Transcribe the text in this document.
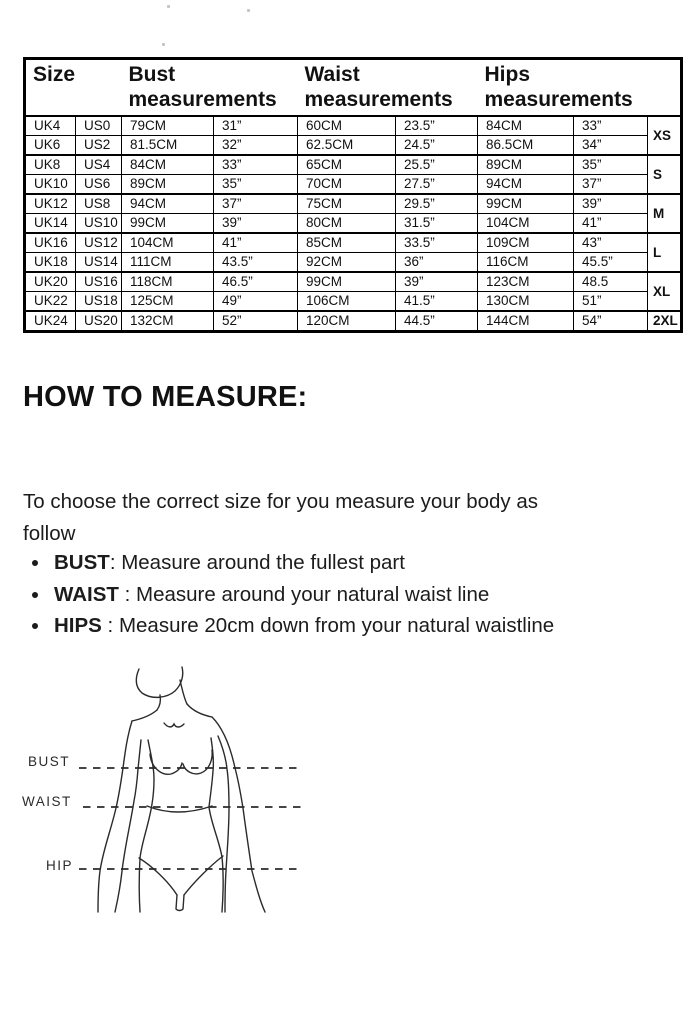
Size		Bust measurements		Waist measurements		Hips measurements		
UK4	US0	79CM	31”	60CM	23.5”	84CM	33”	XS
UK6	US2	81.5CM	32”	62.5CM	24.5”	86.5CM	34”	
UK8	US4	84CM	33”	65CM	25.5”	89CM	35”	S
UK10	US6	89CM	35”	70CM	27.5”	94CM	37”	
UK12	US8	94CM	37”	75CM	29.5”	99CM	39”	M
UK14	US10	99CM	39”	80CM	31.5”	104CM	41”	
UK16	US12	104CM	41”	85CM	33.5”	109CM	43”	L
UK18	US14	111CM	43.5”	92CM	36”	116CM	45.5”	
UK20	US16	118CM	46.5”	99CM	39”	123CM	48.5	XL
UK22	US18	125CM	49”	106CM	41.5”	130CM	51”	
UK24	US20	132CM	52”	120CM	44.5”	144CM	54”	2XL
HOW TO MEASURE:
To choose the correct size for you measure your body as
follow
• BUST: Measure around the fullest part
• WAIST : Measure around your natural waist line
• HIPS : Measure 20cm down from your natural waistline
BUST
WAIST
HIP
